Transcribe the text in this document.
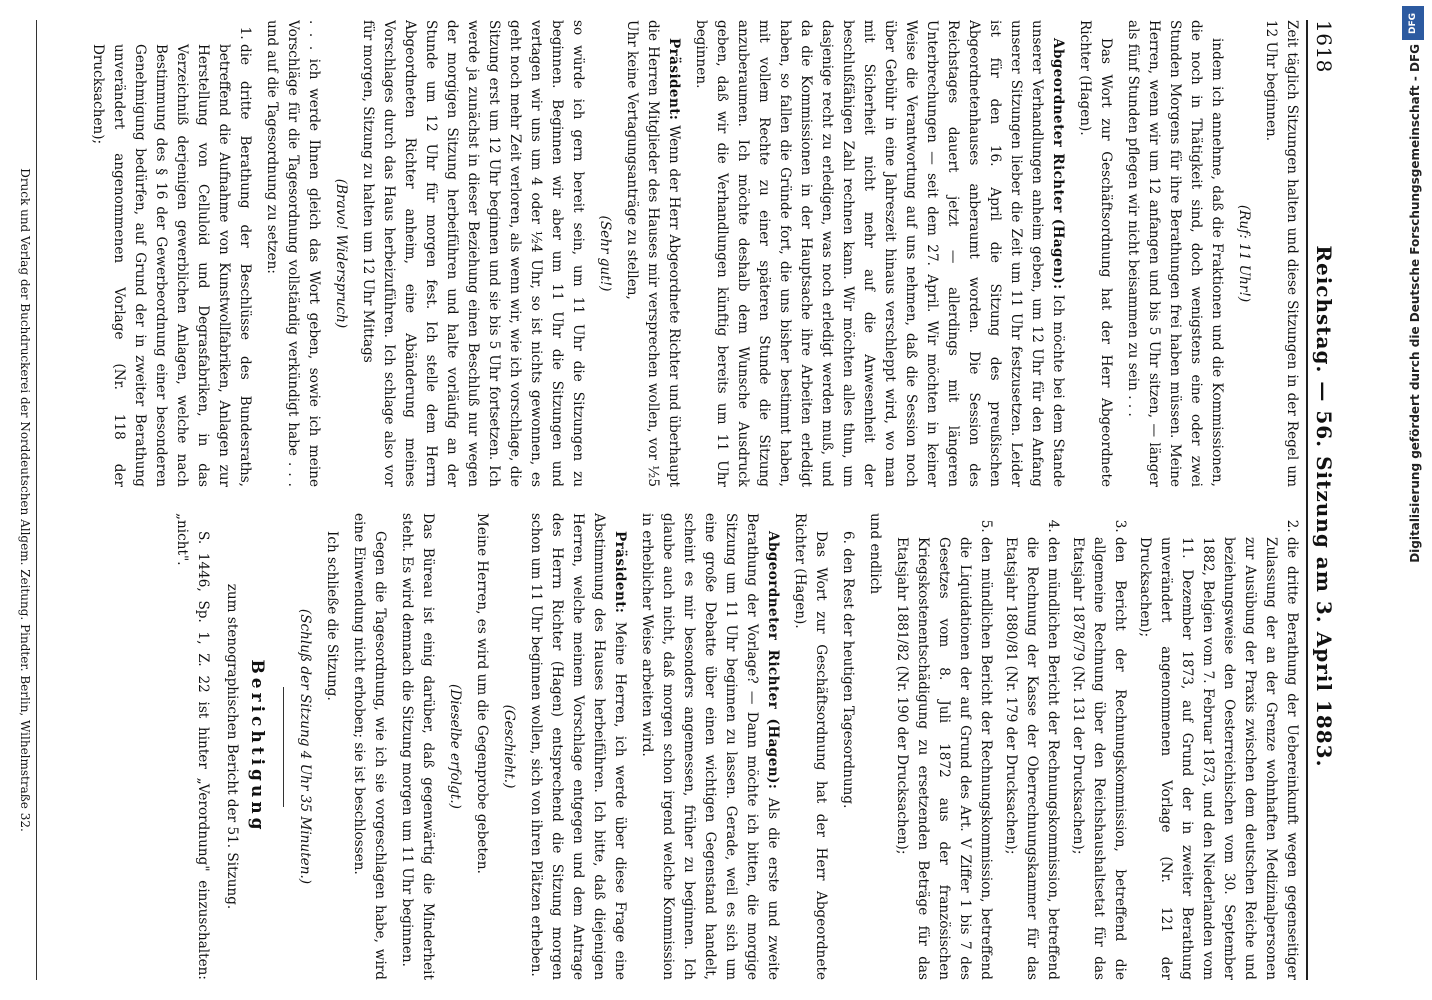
1618
Reichstag. — 56. Sitzung am 3. April 1883.

Zeit täglich Sitzungen halten und diese Sitzungen in der Regel um 12 Uhr beginnen.

(Ruf: 11 Uhr!)

indem ich annehme, daß die Fraktionen und die Kommissionen, die noch in Thätigkeit sind, doch wenigstens eine oder zwei Stunden Morgens für ihre Berathungen frei haben müssen. Meine Herren, wenn wir um 12 anfangen und bis 5 Uhr sitzen, — länger als fünf Stunden pflegen wir nicht beisammen zu sein . . .

Das Wort zur Geschäftsordnung hat der Herr Abgeordnete Richter (Hagen).

Abgeordneter Richter (Hagen): Ich möchte bei dem Stande unserer Verhandlungen anheim geben, um 12 Uhr für den Anfang unserer Sitzungen lieber die Zeit um 11 Uhr festzusetzen. Leider ist für den 16. April die Sitzung des preußischen Abgeordnetenhauses anberaumt worden. Die Session des Reichstages dauert jetzt — allerdings mit längeren Unterbrechungen — seit dem 27. April. Wir möchten in keiner Weise die Verantwortung auf uns nehmen, daß die Session noch über Gebühr in eine Jahreszeit hinaus verschleppt wird, wo man mit Sicherheit nicht mehr auf die Anwesenheit der beschlußfähigen Zahl rechnen kann. Wir möchten alles thun, um dasjenige recht zu erledigen, was noch erledigt werden muß, und da die Kommissionen in der Hauptsache ihre Arbeiten erledigt haben, so fallen die Gründe fort, die uns bisher bestimmt haben, mit vollem Rechte zu einer späteren Stunde die Sitzung anzuberaumen. Ich möchte deshalb dem Wunsche Ausdruck geben, daß wir die Verhandlungen künftig bereits um 11 Uhr beginnen.

Präsident: Wenn der Herr Abgeordnete Richter und überhaupt die Herren Mitglieder des Hauses mir versprechen wollen, vor ½5 Uhr keine Vertagungsanträge zu stellen,

(Sehr gut!)

so würde ich gern bereit sein, um 11 Uhr die Sitzungen zu beginnen. Beginnen wir aber um 11 Uhr die Sitzungen und vertagen wir uns um 4 oder ½4 Uhr, so ist nichts gewonnen, es geht noch mehr Zeit verloren, als wenn wir, wie ich vorschlage, die Sitzung erst um 12 Uhr beginnen und sie bis 5 Uhr fortsetzen. Ich werde ja zunächst in dieser Beziehung einen Beschluß nur wegen der morgigen Sitzung herbeiführen und halte vorläufig an der Stunde um 12 Uhr für morgen fest. Ich stelle dem Herrn Abgeordneten Richter anheim, eine Abänderung meines Vorschlages durch das Haus herbeizuführen. Ich schlage also vor für morgen, Sitzung zu halten um 12 Uhr Mittags

(Bravo! Widerspruch)

. . . ich werde Ihnen gleich das Wort geben, sowie ich meine Vorschläge für die Tagesordnung vollständig verkündigt habe . . . und auf die Tagesordnung zu setzen:

1. die dritte Berathung der Beschlüsse des Bundesraths, betreffend die Aufnahme von Kunstwollfabriken, Anlagen zur Herstellung von Celluloid und Degrasfabriken, in das Verzeichniß derjenigen gewerblichen Anlagen, welche nach Bestimmung des § 16 der Gewerbeordnung einer besonderen Genehmigung bedürfen, auf Grund der in zweiter Berathung unverändert angenommenen Vorlage (Nr. 118 der Drucksachen);
2. die dritte Berathung der Uebereinkunft wegen gegenseitiger Zulassung der an der Grenze wohnhaften Medizinalpersonen zur Ausübung der Praxis zwischen dem deutschen Reiche und beziehungsweise den Oesterreichischen vom 30. September 1882, Belgien vom 7. Februar 1873, und den Niederlanden vom 11. Dezember 1873, auf Grund der in zweiter Berathung unverändert angenommenen Vorlage (Nr. 121 der Drucksachen);
3. den Bericht der Rechnungskommission, betreffend die allgemeine Rechnung über den Reichshaushaltsetat für das Etatsjahr 1878/79 (Nr. 131 der Drucksachen);
4. den mündlichen Bericht der Rechnungskommission, betreffend die Rechnung der Kasse der Oberrechnungskammer für das Etatsjahr 1880/81 (Nr. 179 der Drucksachen);
5. den mündlichen Bericht der Rechnungskommission, betreffend die Liquidationen der auf Grund des Art. V Ziffer 1 bis 7 des Gesetzes vom 8. Juli 1872 aus der französischen Kriegskostenentschädigung zu ersetzenden Beträge für das Etatsjahr 1881/82 (Nr. 190 der Drucksachen);

und endlich

6. den Rest der heutigen Tagesordnung.

Das Wort zur Geschäftsordnung hat der Herr Abgeordnete Richter (Hagen).

Abgeordneter Richter (Hagen): Als die erste und zweite Berathung der Vorlage? — Dann möchte ich bitten, die morgige Sitzung um 11 Uhr beginnen zu lassen. Gerade, weil es sich um eine große Debatte über einen wichtigen Gegenstand handelt, scheint es mir besonders angemessen, früher zu beginnen. Ich glaube auch nicht, daß morgen schon irgend welche Kommission in erheblicher Weise arbeiten wird.

Präsident: Meine Herren, ich werde über diese Frage eine Abstimmung des Hauses herbeiführen. Ich bitte, daß diejenigen Herren, welche meinem Vorschlage entgegen und dem Antrage des Herrn Richter (Hagen) entsprechend die Sitzung morgen schon um 11 Uhr beginnen wollen, sich von ihren Plätzen erheben.

(Geschieht.)

Meine Herren, es wird um die Gegenprobe gebeten.

(Dieselbe erfolgt.)

Das Büreau ist einig darüber, daß gegenwärtig die Minderheit steht. Es wird demnach die Sitzung morgen um 11 Uhr beginnen.

Gegen die Tagesordnung, wie ich sie vorgeschlagen habe, wird eine Einwendung nicht erhoben; sie ist beschlossen.

Ich schließe die Sitzung.

(Schluß der Sitzung 4 Uhr 35 Minuten.)

Berichtigung

zum stenographischen Bericht der 51. Sitzung.

S. 1446, Sp. 1, Z. 22 ist hinter „Verordnung" einzuschalten: „nicht".

Druck und Verlag der Buchdruckerei der Norddeutschen Allgem. Zeitung. Pindter. Berlin, Wilhelmstraße 32.
DFG
Digitalisierung gefördert durch die Deutsche Forschungsgemeinschaft - DFG
